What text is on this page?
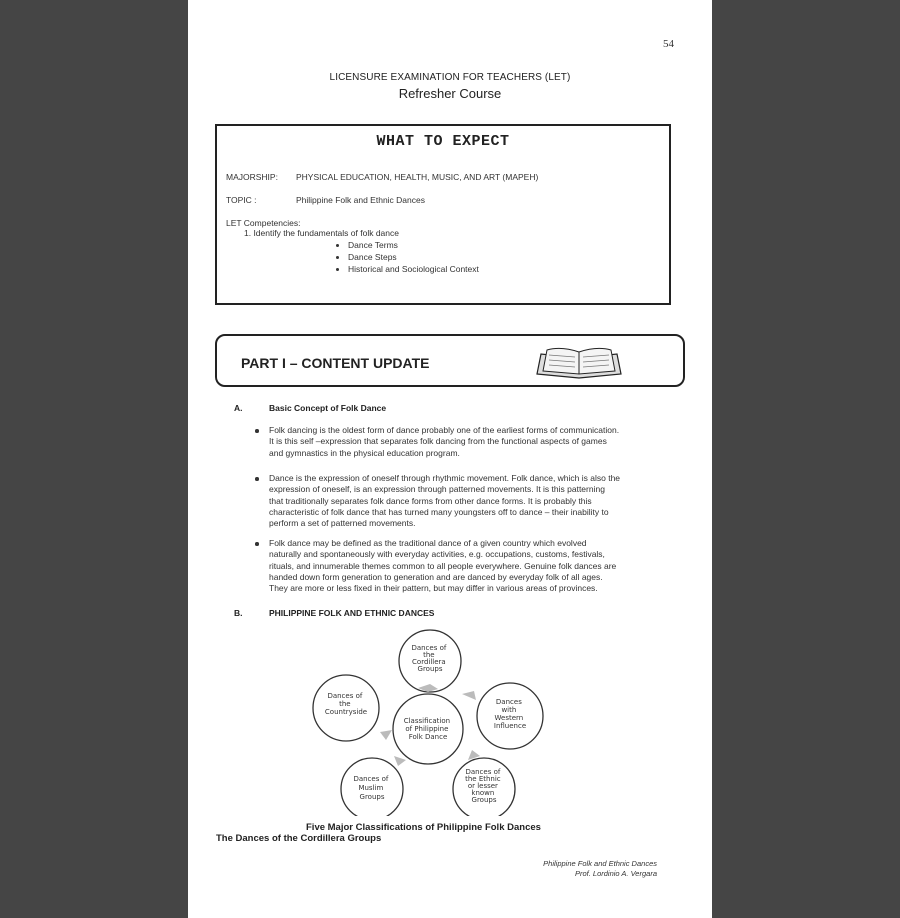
54
LICENSURE EXAMINATION FOR TEACHERS (LET)
Refresher Course
WHAT TO EXPECT
MAJORSHIP: PHYSICAL EDUCATION, HEALTH, MUSIC, AND ART (MAPEH)
TOPIC :	Philippine Folk and Ethnic Dances
LET Competencies:
1. Identify the fundamentals of folk dance
Dance Terms
Dance Steps
Historical and Sociological Context
PART I – CONTENT UPDATE
A.	Basic Concept of Folk Dance
Folk dancing is the oldest form of dance probably one of the earliest forms of communication.
It is this self –expression that separates folk dancing from the functional aspects of games
and gymnastics in the physical education program.
Dance is the expression of oneself through rhythmic movement. Folk dance, which is also the
expression of oneself, is an expression through patterned movements. It is this patterning
that traditionally separates folk dance forms from other dance forms. It is probably this
characteristic of folk dance that has turned many youngsters off to dance – their inability to
perform a set of patterned movements.
Folk dance may be defined as the traditional dance of a given country which evolved
naturally and spontaneously with everyday activities, e.g. occupations, customs, festivals,
rituals, and innumerable themes common to all people everywhere. Genuine folk dances are
handed down form generation to generation and are danced by everyday folk of all ages.
They are more or less fixed in their pattern, but may differ in various areas of provinces.
B.	PHILIPPINE FOLK AND ETHNIC DANCES
Classification of Philippine Folk Dance
Dances of the Cordillera Groups
Dances with Western Influence
Dances of the Ethnic or lesser known Groups
Dances of Muslim Groups
Dances of the Countryside
Five Major Classifications of Philippine Folk Dances
The Dances of the Cordillera Groups
Philippine Folk and Ethnic Dances
Prof. Lordinio A. Vergara
